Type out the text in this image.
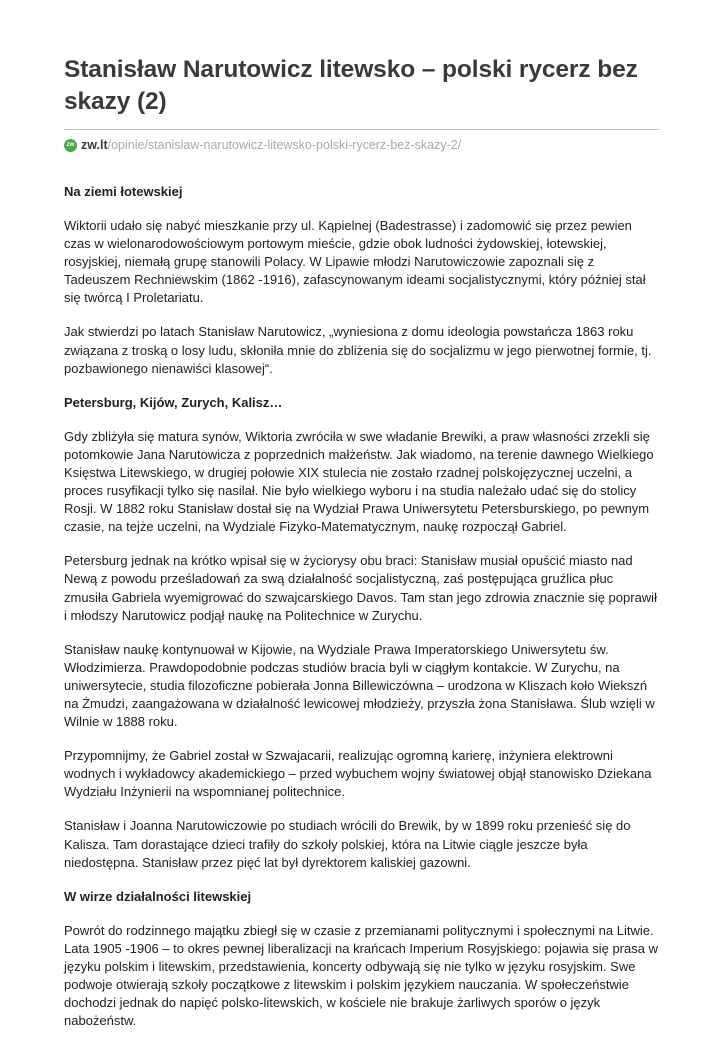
Stanisław Narutowicz litewsko – polski rycerz bez skazy (2)
zw zw.lt /opinie/stanislaw-narutowicz-litewsko-polski-rycerz-bez-skazy-2/
Na ziemi łotewskiej

Wiktorii udało się nabyć mieszkanie przy ul. Kąpielnej (Badestrasse) i zadomowić się przez pewien czas w wielonarodowościowym portowym mieście, gdzie obok ludności żydowskiej, łotewskiej, rosyjskiej, niemałą grupę stanowili Polacy. W Lipawie młodzi Narutowiczowie zapoznali się z Tadeuszem Rechniewskim (1862 -1916), zafascynowanym ideami socjalistycznymi, który później stał się twórcą I Proletariatu.

Jak stwierdzi po latach Stanisław Narutowicz, „wyniesiona z domu ideologia powstańcza 1863 roku związana z troską o losy ludu, skłoniła mnie do zbliżenia się do socjalizmu w jego pierwotnej formie, tj. pozbawionego nienawiści klasowej“.

Petersburg, Kijów, Zurych, Kalisz…

Gdy zbliżyła się matura synów, Wiktoria zwróciła w swe władanie Brewiki, a praw własności zrzekli się potomkowie Jana Narutowicza z poprzednich małżeństw. Jak wiadomo, na terenie dawnego Wielkiego Księstwa Litewskiego, w drugiej połowie XIX stulecia nie zostało rzadnej polskojęzycznej uczelni, a proces rusyfikacji tylko się nasilał. Nie było wielkiego wyboru i na studia należało udać się do stolicy Rosji. W 1882 roku Stanisław dostał się na Wydział Prawa Uniwersytetu Petersburskiego, po pewnym czasie, na tejże uczelni, na Wydziale Fizyko-Matematycznym, naukę rozpoczął Gabriel.

Petersburg jednak na krótko wpisał się w życiorysy obu braci: Stanisław musiał opuścić miasto nad Newą z powodu prześladowań za swą działalność socjalistyczną, zaś postępująca gruźlica płuc zmusiła Gabriela wyemigrować do szwajcarskiego Davos. Tam stan jego zdrowia znacznie się poprawił i młodszy Narutowicz podjął naukę na Politechnice w Zurychu.

Stanisław naukę kontynuował w Kijowie, na Wydziale Prawa Imperatorskiego Uniwersytetu św. Włodzimierza. Prawdopodobnie podczas studiów bracia byli w ciągłym kontakcie. W Zurychu, na uniwersytecie, studia filozoficzne pobierała Jonna Billewiczówna – urodzona w Kliszach koło Wiekszń na Żmudzi, zaangażowana w działalność lewicowej młodzieży, przyszła żona Stanisława. Ślub wzięli w Wilnie w 1888 roku.

Przypomnijmy, że Gabriel został w Szwajacarii, realizując ogromną karierę, inżyniera elektrowni wodnych i wykładowcy akademickiego – przed wybuchem wojny światowej objął stanowisko Dziekana Wydziału Inżynierii na wspomnianej politechnice.

Stanisław i Joanna Narutowiczowie po studiach wrócili do Brewik, by w 1899 roku przenieść się do Kalisza. Tam dorastające dzieci trafiły do szkoły polskiej, która na Litwie ciągle jeszcze była niedostępna. Stanisław przez pięć lat był dyrektorem kaliskiej gazowni.

W wirze działalności litewskiej

Powrót do rodzinnego majątku zbiegł się w czasie z przemianami politycznymi i społecznymi na Litwie. Lata 1905 -1906 – to okres pewnej liberalizacji na krańcach Imperium Rosyjskiego: pojawia się prasa w języku polskim i litewskim, przedstawienia, koncerty odbywają się nie tylko w języku rosyjskim. Swe podwoje otwierają szkoły początkowe z litewskim i polskim językiem nauczania. W społeczeństwie dochodzi jednak do napięć polsko-litewskich, w kościele nie brakuje żarliwych sporów o język nabożeństw.
